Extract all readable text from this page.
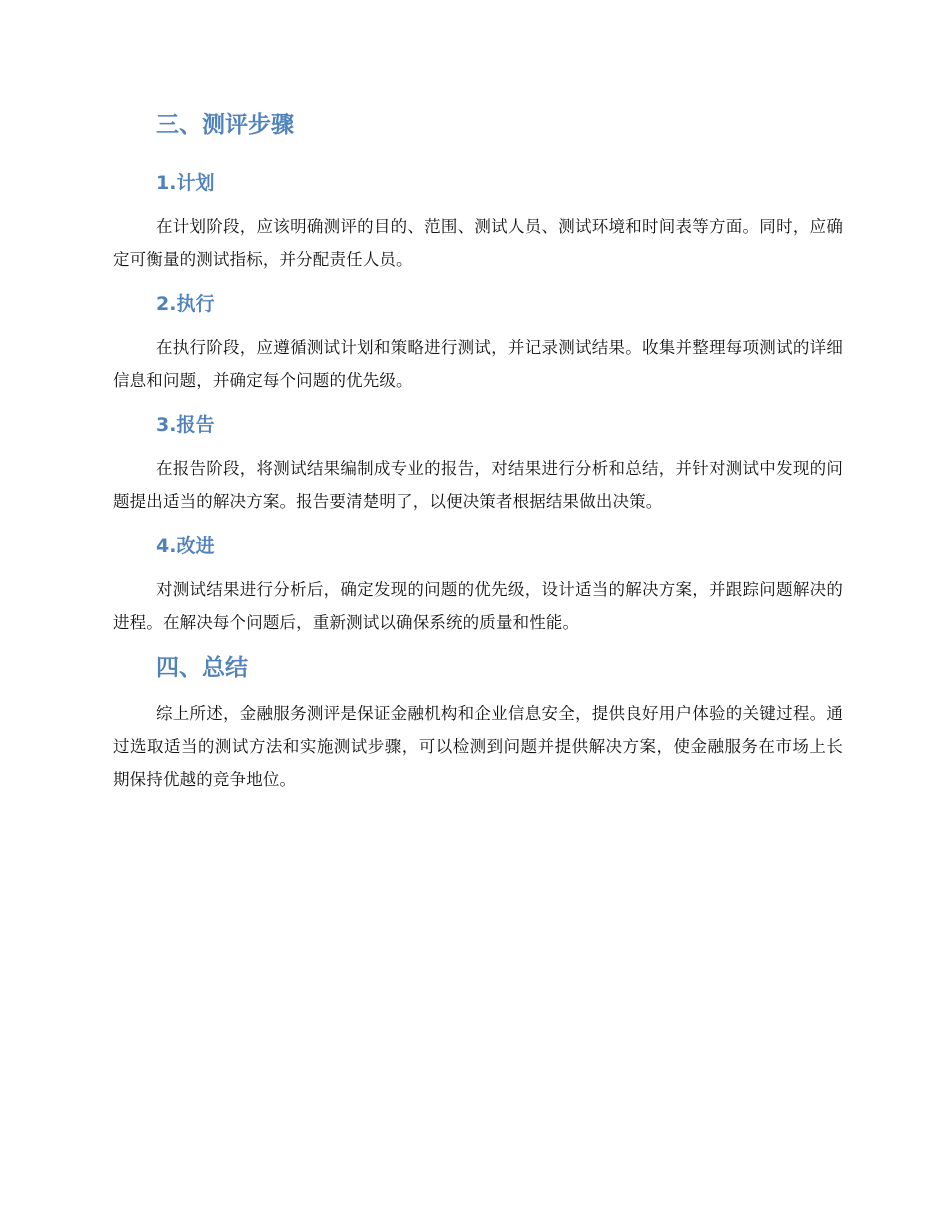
三、测评步骤
1.计划

在计划阶段，应该明确测评的目的、范围、测试人员、测试环境和时间表等方面。同时，应确定可衡量的测试指标，并分配责任人员。

2.执行

在执行阶段，应遵循测试计划和策略进行测试，并记录测试结果。收集并整理每项测试的详细信息和问题，并确定每个问题的优先级。

3.报告

在报告阶段，将测试结果编制成专业的报告，对结果进行分析和总结，并针对测试中发现的问题提出适当的解决方案。报告要清楚明了，以便决策者根据结果做出决策。

4.改进

对测试结果进行分析后，确定发现的问题的优先级，设计适当的解决方案，并跟踪问题解决的进程。在解决每个问题后，重新测试以确保系统的质量和性能。

四、总结

综上所述，金融服务测评是保证金融机构和企业信息安全，提供良好用户体验的关键过程。通过选取适当的测试方法和实施测试步骤，可以检测到问题并提供解决方案，使金融服务在市场上长期保持优越的竞争地位。
